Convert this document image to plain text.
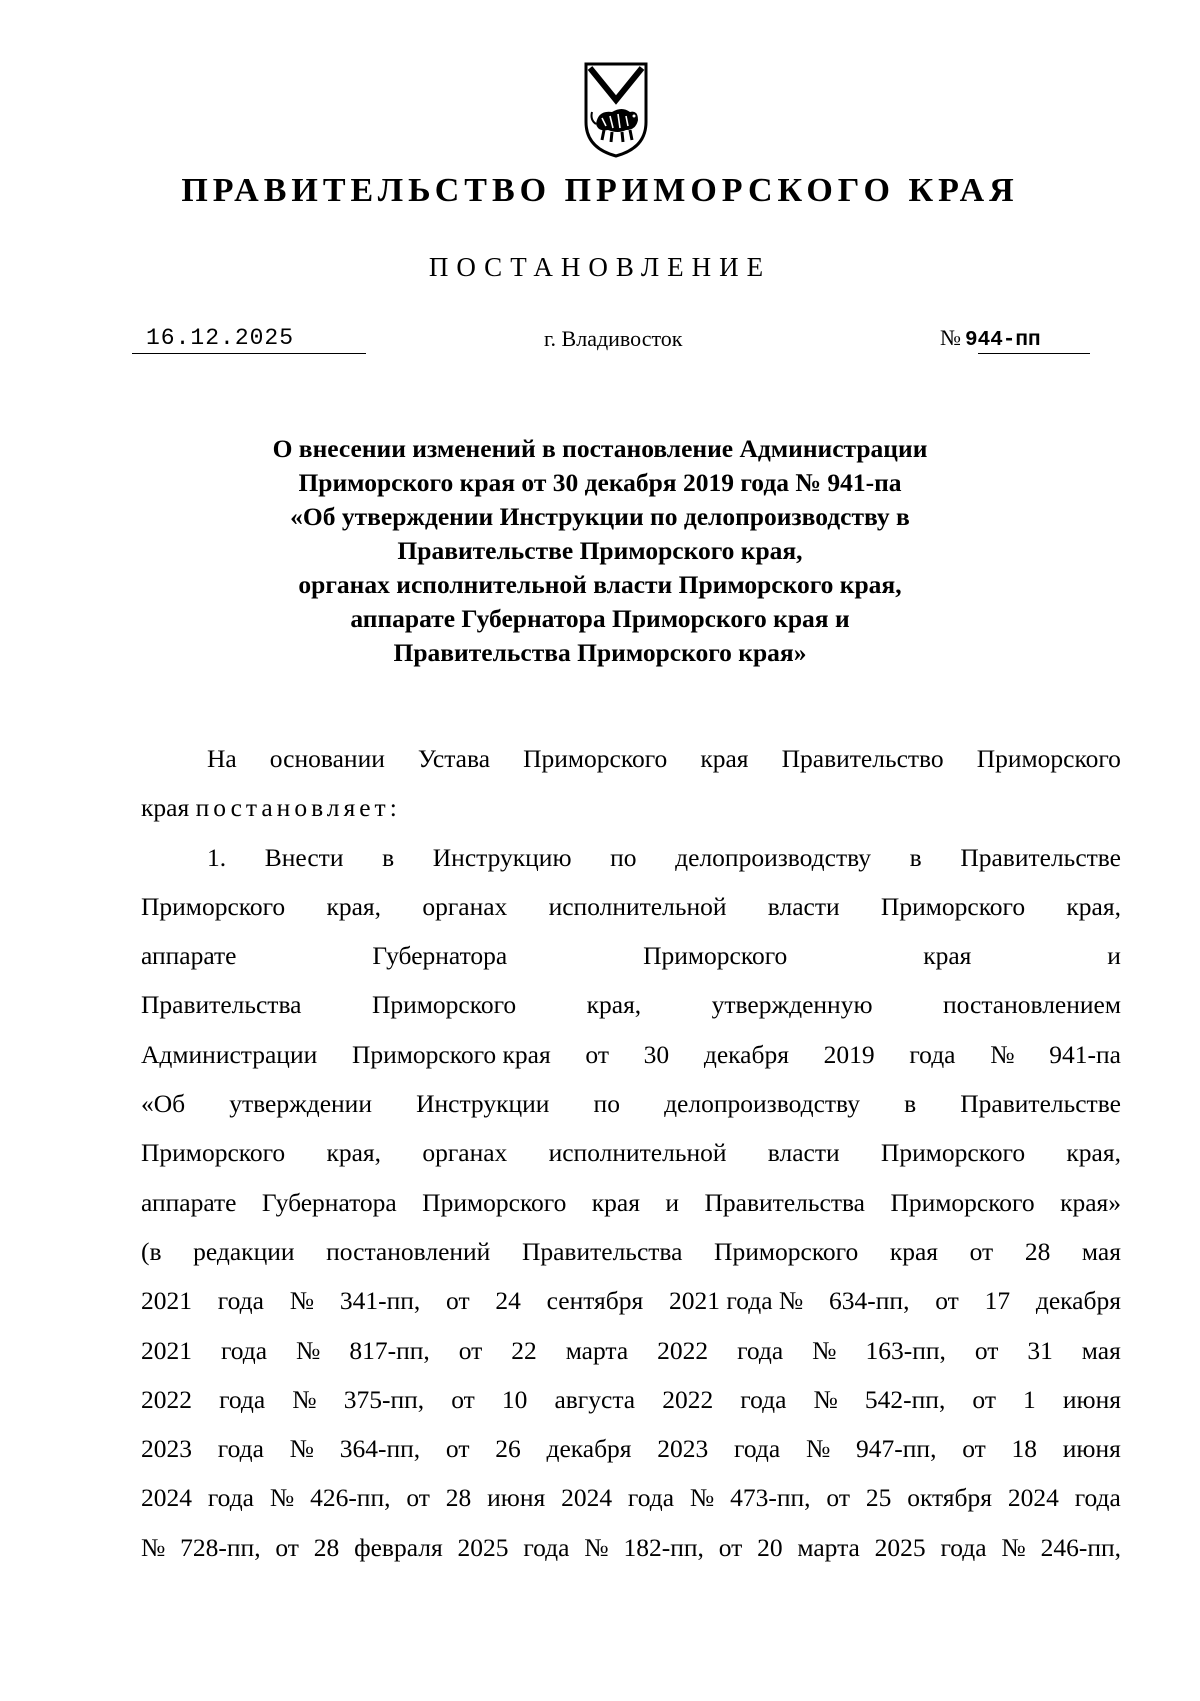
ПРАВИТЕЛЬСТВО ПРИМОРСКОГО КРАЯ
ПОСТАНОВЛЕНИЕ
16.12.2025	г. Владивосток	№ 944-пп
О внесении изменений в постановление Администрации
Приморского края от 30 декабря 2019 года № 941-па
«Об утверждении Инструкции по делопроизводству в
Правительстве Приморского края,
органах исполнительной власти Приморского края,
аппарате Губернатора Приморского края и
Правительства Приморского края»
На основании Устава Приморского края Правительство Приморского
края постановляет:
1. Внести в Инструкцию по делопроизводству в Правительстве
Приморского края, органах исполнительной власти Приморского края,
аппарате	Губернатора	Приморского	края	и
Правительства	Приморского	края,	утвержденную	постановлением
Администрации Приморского края от 30 декабря 2019 года № 941-па
«Об утверждении Инструкции по делопроизводству в Правительстве
Приморского края, органах исполнительной власти Приморского края,
аппарате Губернатора Приморского края и Правительства Приморского края»
(в редакции постановлений Правительства Приморского края от 28 мая
2021 года № 341-пп, от 24 сентября 2021 года № 634-пп, от 17 декабря
2021 года № 817-пп, от 22 марта 2022 года № 163-пп, от 31 мая
2022 года № 375-пп, от 10 августа 2022 года № 542-пп, от 1 июня
2023 года № 364-пп, от 26 декабря 2023 года № 947-пп, от 18 июня
2024 года № 426-пп, от 28 июня 2024 года № 473-пп, от 25 октября 2024 года
№ 728-пп, от 28 февраля 2025 года № 182-пп, от 20 марта 2025 года № 246-пп,
